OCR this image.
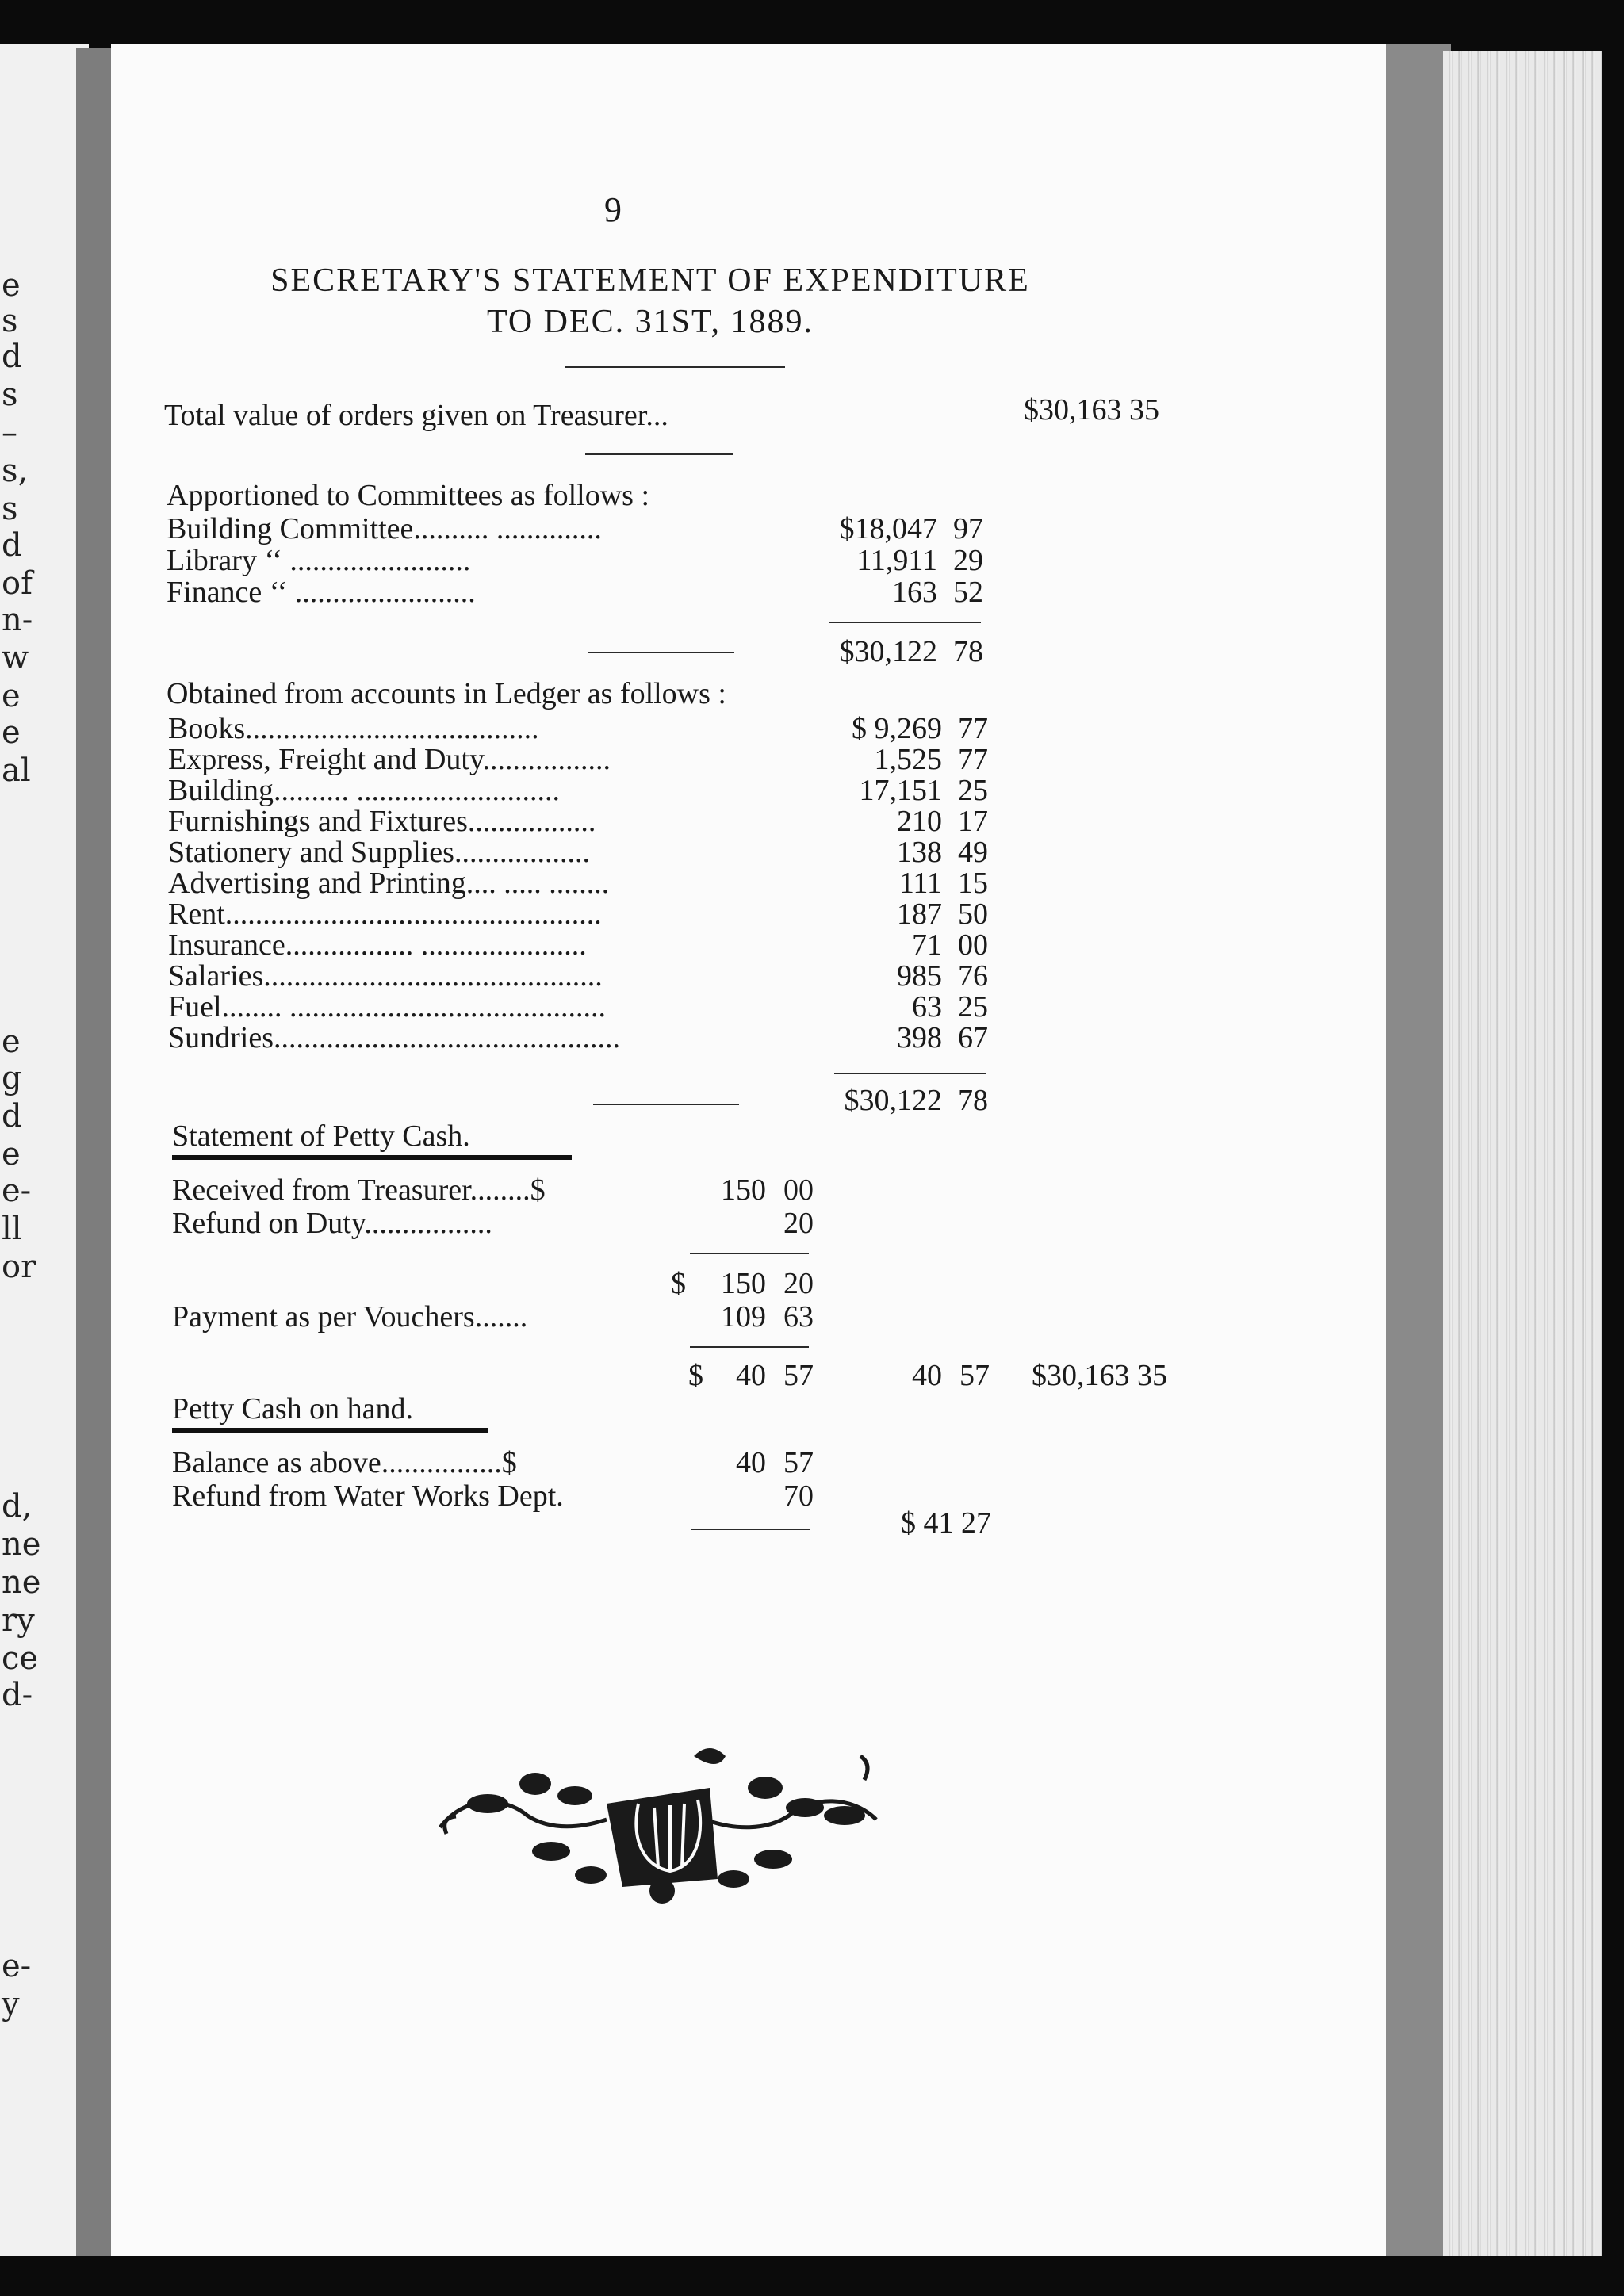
e
s
d
s
–
s,
s
d
of
n-
w
e
e
al
e
g
d
e
e-
ll
or
d,
ne
ne
ry
ce
d-
e-
y
9
SECRETARY'S STATEMENT OF EXPENDITURE
TO DEC. 31ST, 1889.
Total value of orders given on Treasurer...	$30,163 35
Apportioned to Committees as follows :
Building Committee.......... ..............	$18,047 97
Library ‘‘ ........................	11,911 29
Finance ‘‘ ........................	163 52
$30,122 78
Obtained from accounts in Ledger as follows :
Books.......................................	$ 9,269 77
Express, Freight and Duty.................	1,525 77
Building.......... ...........................	17,151 25
Furnishings and Fixtures.................	210 17
Stationery and Supplies..................	138 49
Advertising and Printing.... ..... ........	111 15
Rent..................................................	187 50
Insurance................. ......................	71 00
Salaries.............................................	985 76
Fuel........ ..........................................	63 25
Sundries..............................................	398 67
$30,122 78
Statement of Petty Cash.
Received from Treasurer........$	150 00
Refund on Duty.................	20
$	150 20
Payment as per Vouchers.......	109 63
$	40 57	40 57	$30,163 35
Petty Cash on hand.
Balance as above................$	40 57
Refund from Water Works Dept.	70
$ 41 27
